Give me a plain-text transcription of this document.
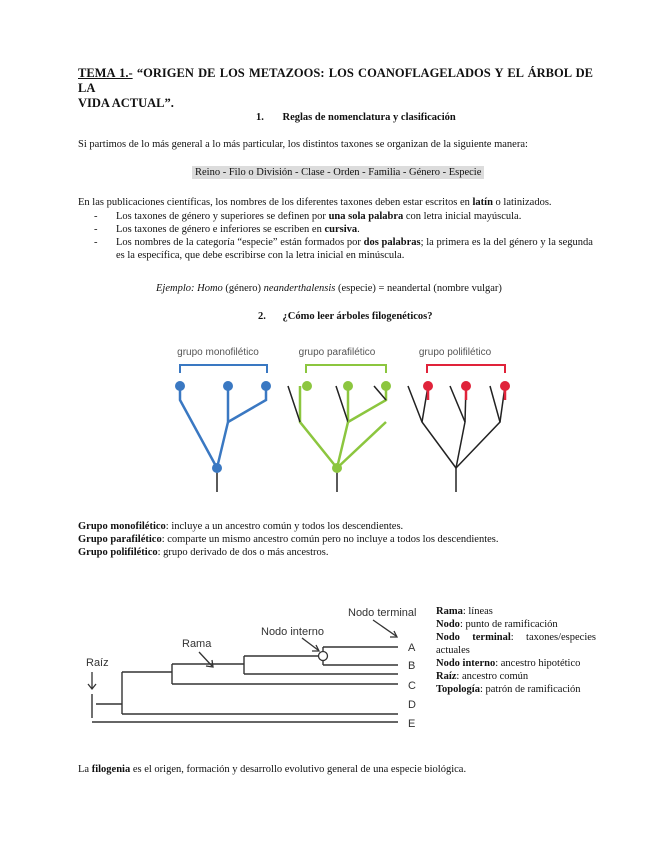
TEMA 1.- “ORIGEN DE LOS METAZOOS: LOS COANOFLAGELADOS Y EL ÁRBOL DE LA
VIDA ACTUAL”.
1. Reglas de nomenclatura y clasificación
Si partimos de lo más general a lo más particular, los distintos taxones se organizan de la siguiente manera:
Reino - Filo o División - Clase - Orden - Familia - Género - Especie
En las publicaciones científicas, los nombres de los diferentes taxones deben estar escritos en latín o latinizados.
- Los taxones de género y superiores se definen por una sola palabra con letra inicial mayúscula.
- Los taxones de género e inferiores se escriben en cursiva.
- Los nombres de la categoría “especie” están formados por dos palabras; la primera es la del género y la segunda es la específica, que debe escribirse con la letra inicial en minúscula.
Ejemplo: Homo (género) neanderthalensis (especie) = neandertal (nombre vulgar)
2. ¿Cómo leer árboles filogenéticos?
grupo monofilético	grupo parafilético	grupo polifilético
Grupo monofilético: incluye a un ancestro común y todos los descendientes.
Grupo parafilético: comparte un mismo ancestro común pero no incluye a todos los descendientes.
Grupo polifilético: grupo derivado de dos o más ancestros.
Nodo terminal
Nodo interno
Rama
Raíz
A
B
C
D
E
Rama: líneas
Nodo: punto de ramificación
Nodo terminal: taxones/especies actuales
Nodo interno: ancestro hipotético
Raíz: ancestro común
Topología: patrón de ramificación
La filogenia es el origen, formación y desarrollo evolutivo general de una especie biológica.
